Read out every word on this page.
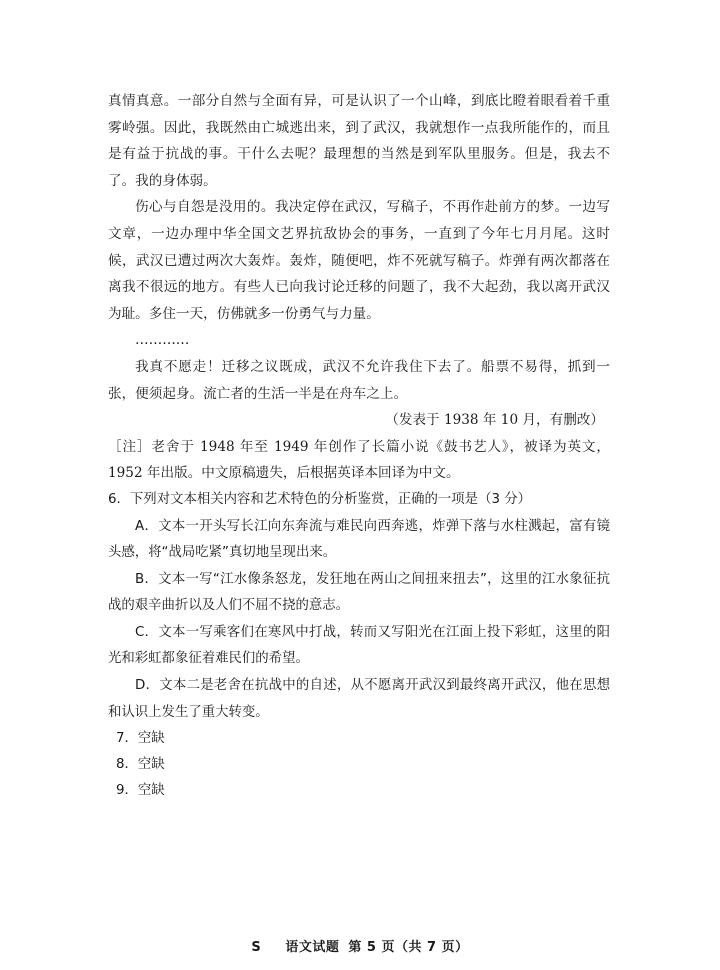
真情真意。一部分自然与全面有异，可是认识了一个山峰，到底比瞪着眼看着千重雾岭强。因此，我既然由亡城逃出来，到了武汉，我就想作一点我所能作的，而且是有益于抗战的事。干什么去呢？最理想的当然是到军队里服务。但是，我去不了。我的身体弱。

伤心与自怨是没用的。我决定停在武汉，写稿子，不再作赴前方的梦。一边写文章，一边办理中华全国文艺界抗敌协会的事务，一直到了今年七月月尾。这时候，武汉已遭过两次大轰炸。轰炸，随便吧，炸不死就写稿子。炸弹有两次都落在离我不很远的地方。有些人已向我讨论迁移的问题了，我不大起劲，我以离开武汉为耻。多住一天，仿佛就多一份勇气与力量。

…………

我真不愿走！迁移之议既成，武汉不允许我住下去了。船票不易得，抓到一张，便须起身。流亡者的生活一半是在舟车之上。

（发表于 1938 年 10 月，有删改）

［注］老舍于 1948 年至 1949 年创作了长篇小说《鼓书艺人》，被译为英文，1952 年出版。中文原稿遗失，后根据英译本回译为中文。

6．下列对文本相关内容和艺术特色的分析鉴赏，正确的一项是（3 分）

A．文本一开头写长江向东奔流与难民向西奔逃，炸弹下落与水柱溅起，富有镜头感，将“战局吃紧”真切地呈现出来。

B．文本一写“江水像条怒龙，发狂地在两山之间扭来扭去”，这里的江水象征抗战的艰辛曲折以及人们不屈不挠的意志。

C．文本一写乘客们在寒风中打战，转而又写阳光在江面上投下彩虹，这里的阳光和彩虹都象征着难民们的希望。

D．文本二是老舍在抗战中的自述，从不愿离开武汉到最终离开武汉，他在思想和认识上发生了重大转变。

7．空缺

8．空缺

9．空缺

S 语文试题 第 5 页（共 7 页）
